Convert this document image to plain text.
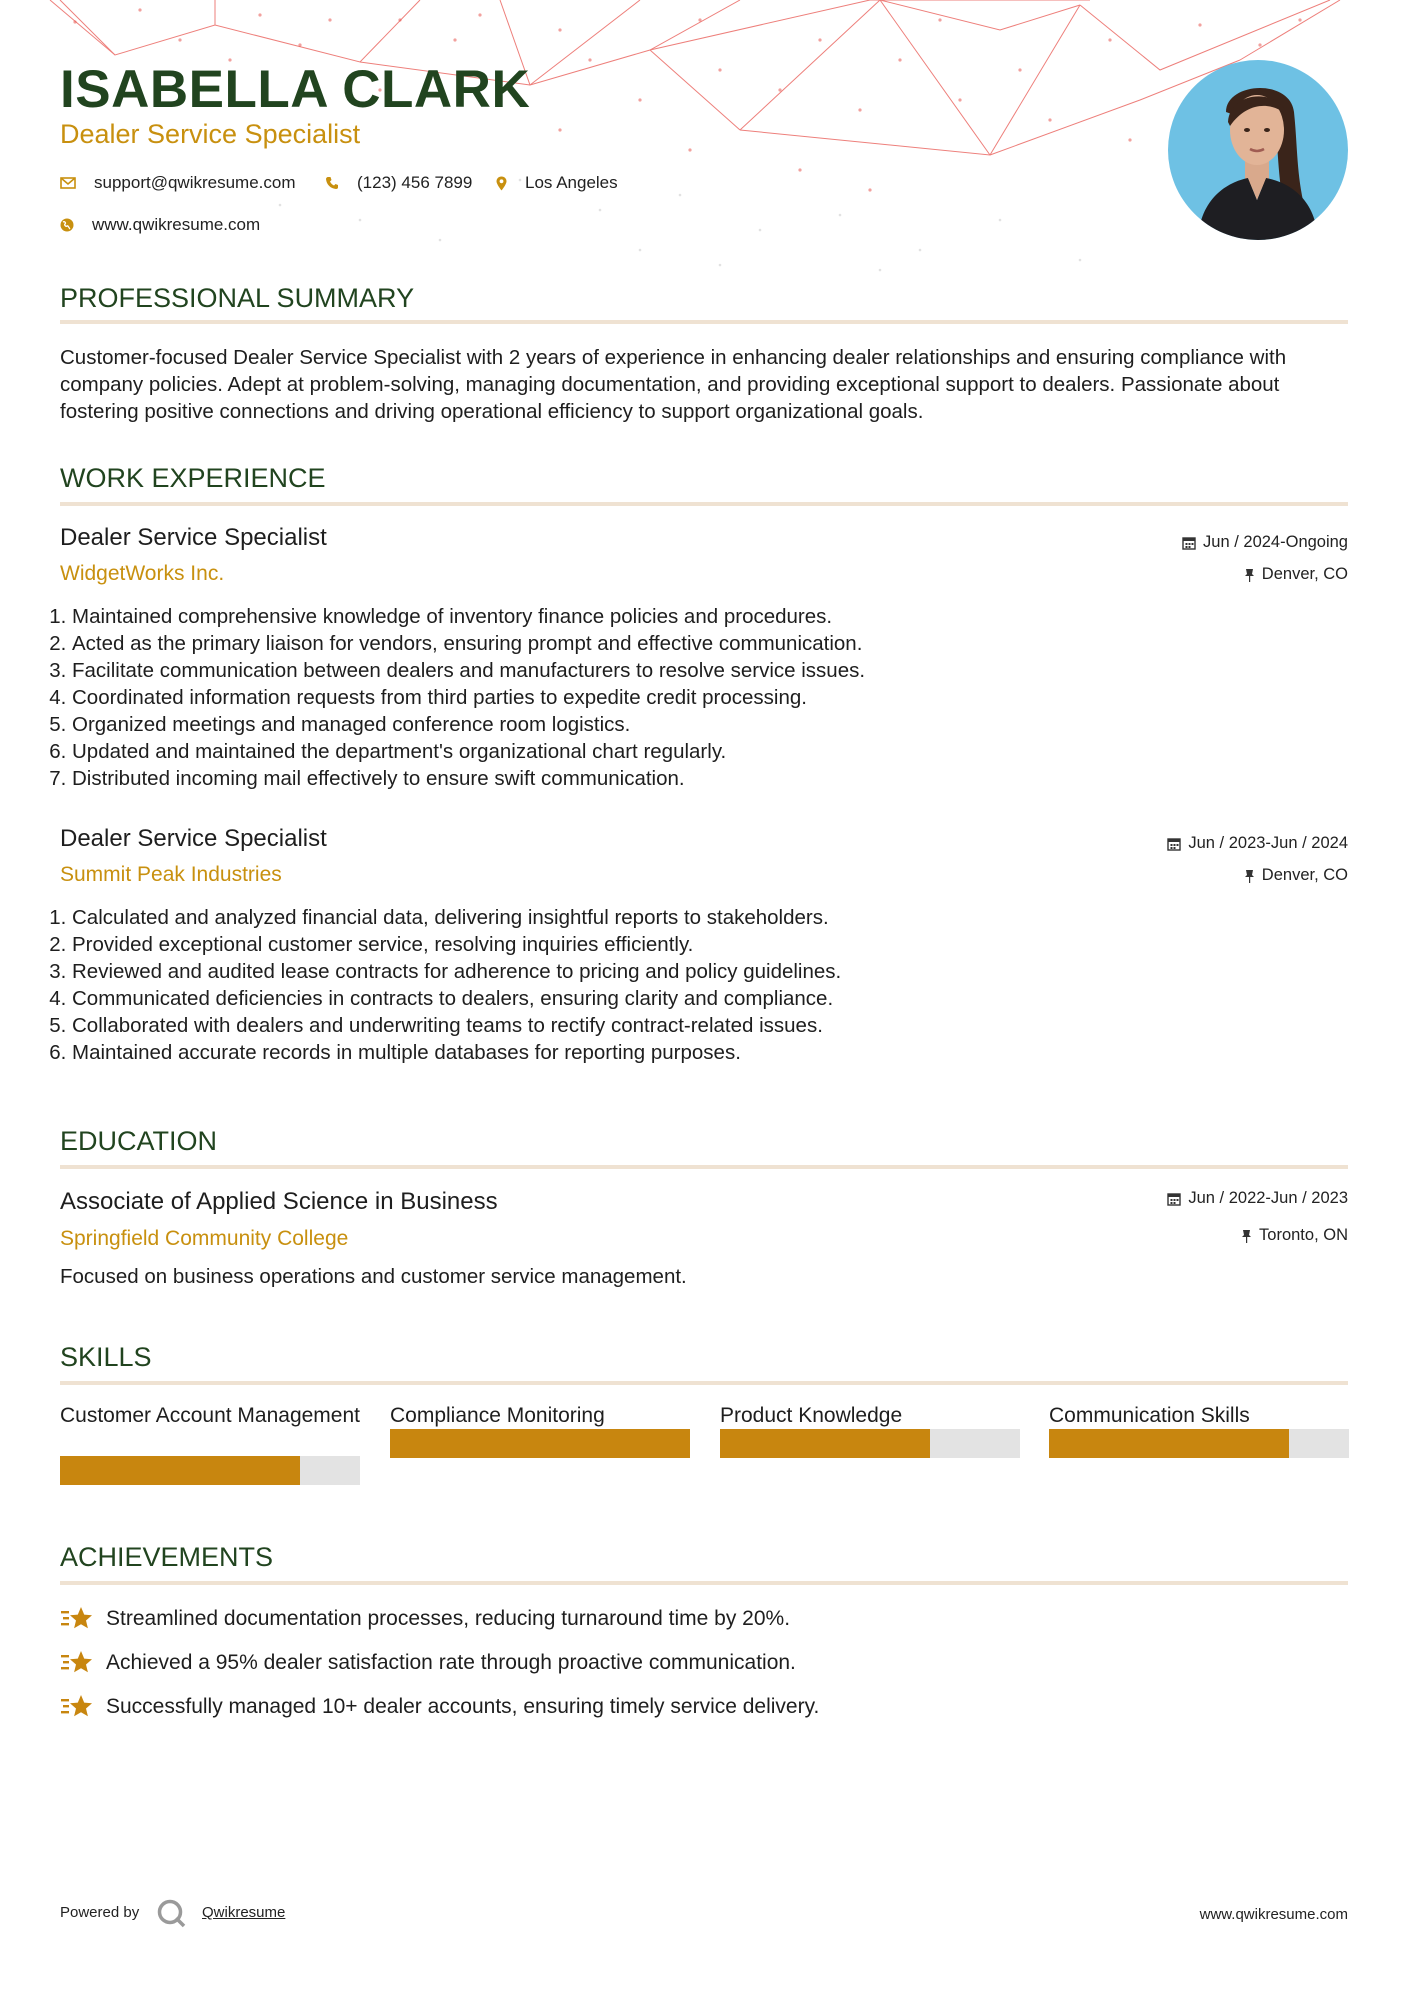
ISABELLA CLARK
Dealer Service Specialist
support@qwikresume.com	(123) 456 7899	Los Angeles
www.qwikresume.com
PROFESSIONAL SUMMARY
Customer-focused Dealer Service Specialist with 2 years of experience in enhancing dealer relationships and ensuring compliance with company policies. Adept at problem-solving, managing documentation, and providing exceptional support to dealers. Passionate about fostering positive connections and driving operational efficiency to support organizational goals.
WORK EXPERIENCE
Dealer Service Specialist
WidgetWorks Inc.
Jun / 2024-Ongoing
Denver, CO
1. Maintained comprehensive knowledge of inventory finance policies and procedures.
2. Acted as the primary liaison for vendors, ensuring prompt and effective communication.
3. Facilitate communication between dealers and manufacturers to resolve service issues.
4. Coordinated information requests from third parties to expedite credit processing.
5. Organized meetings and managed conference room logistics.
6. Updated and maintained the department's organizational chart regularly.
7. Distributed incoming mail effectively to ensure swift communication.
Dealer Service Specialist
Summit Peak Industries
Jun / 2023-Jun / 2024
Denver, CO
1. Calculated and analyzed financial data, delivering insightful reports to stakeholders.
2. Provided exceptional customer service, resolving inquiries efficiently.
3. Reviewed and audited lease contracts for adherence to pricing and policy guidelines.
4. Communicated deficiencies in contracts to dealers, ensuring clarity and compliance.
5. Collaborated with dealers and underwriting teams to rectify contract-related issues.
6. Maintained accurate records in multiple databases for reporting purposes.
EDUCATION
Associate of Applied Science in Business
Springfield Community College
Jun / 2022-Jun / 2023
Toronto, ON
Focused on business operations and customer service management.
SKILLS
Customer Account Management Compliance Monitoring	Product Knowledge	Communication Skills
ACHIEVEMENTS
Streamlined documentation processes, reducing turnaround time by 20%.
Achieved a 95% dealer satisfaction rate through proactive communication.
Successfully managed 10+ dealer accounts, ensuring timely service delivery.
Powered by	Qwikresume	www.qwikresume.com
